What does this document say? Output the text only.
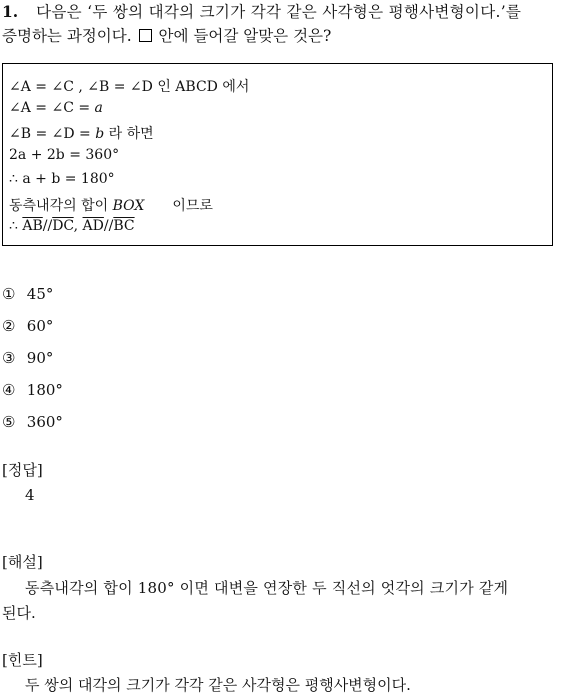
1. 다음은 ‘두 쌍의 대각의 크기가 각각 같은 사각형은 평행사변형이다.’를
증명하는 과정이다. 안에 들어갈 알맞은 것은?
∠A = ∠C , ∠B = ∠D 인 ABCD 에서
∠A = ∠C = a
∠B = ∠D = b 라 하면
2a + 2b = 360°
∴ a + b = 180°
동측내각의 합이 BOX 이므로
∴ $\overline{AB}//\overline{DC}$, $\overline{AD}//\overline{BC}$
① 45°
② 60°
③ 90°
④ 180°
⑤ 360°
[정답]
4
[해설]
동측내각의 합이 180° 이면 대변을 연장한 두 직선의 엇각의 크기가 같게
된다.
[힌트]
두 쌍의 대각의 크기가 각각 같은 사각형은 평행사변형이다.
